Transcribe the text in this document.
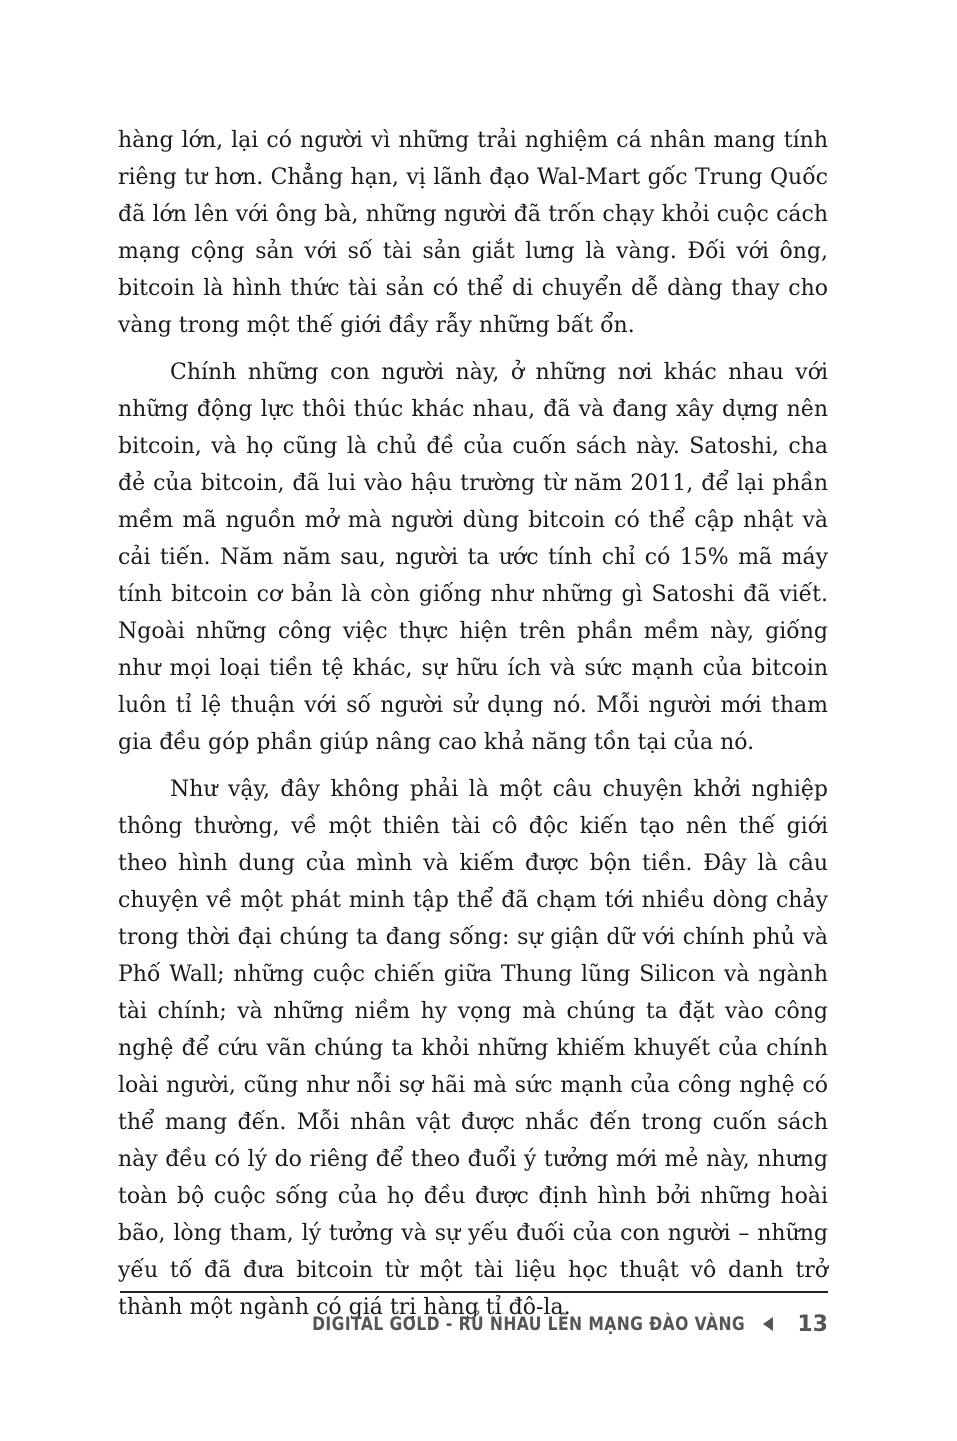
hàng lớn, lại có người vì những trải nghiệm cá nhân mang tính riêng tư hơn. Chẳng hạn, vị lãnh đạo Wal-Mart gốc Trung Quốc đã lớn lên với ông bà, những người đã trốn chạy khỏi cuộc cách mạng cộng sản với số tài sản giắt lưng là vàng. Đối với ông, bitcoin là hình thức tài sản có thể di chuyển dễ dàng thay cho vàng trong một thế giới đầy rẫy những bất ổn.

Chính những con người này, ở những nơi khác nhau với những động lực thôi thúc khác nhau, đã và đang xây dựng nên bitcoin, và họ cũng là chủ đề của cuốn sách này. Satoshi, cha đẻ của bitcoin, đã lui vào hậu trường từ năm 2011, để lại phần mềm mã nguồn mở mà người dùng bitcoin có thể cập nhật và cải tiến. Năm năm sau, người ta ước tính chỉ có 15% mã máy tính bitcoin cơ bản là còn giống như những gì Satoshi đã viết. Ngoài những công việc thực hiện trên phần mềm này, giống như mọi loại tiền tệ khác, sự hữu ích và sức mạnh của bitcoin luôn tỉ lệ thuận với số người sử dụng nó. Mỗi người mới tham gia đều góp phần giúp nâng cao khả năng tồn tại của nó.

Như vậy, đây không phải là một câu chuyện khởi nghiệp thông thường, về một thiên tài cô độc kiến tạo nên thế giới theo hình dung của mình và kiếm được bộn tiền. Đây là câu chuyện về một phát minh tập thể đã chạm tới nhiều dòng chảy trong thời đại chúng ta đang sống: sự giận dữ với chính phủ và Phố Wall; những cuộc chiến giữa Thung lũng Silicon và ngành tài chính; và những niềm hy vọng mà chúng ta đặt vào công nghệ để cứu vãn chúng ta khỏi những khiếm khuyết của chính loài người, cũng như nỗi sợ hãi mà sức mạnh của công nghệ có thể mang đến. Mỗi nhân vật được nhắc đến trong cuốn sách này đều có lý do riêng để theo đuổi ý tưởng mới mẻ này, nhưng toàn bộ cuộc sống của họ đều được định hình bởi những hoài bão, lòng tham, lý tưởng và sự yếu đuối của con người – những yếu tố đã đưa bitcoin từ một tài liệu học thuật vô danh trở thành một ngành có giá trị hàng tỉ đô-la.

DIGITAL GOLD - RỦ NHAU LÊN MẠNG ĐÀO VÀNG 13
